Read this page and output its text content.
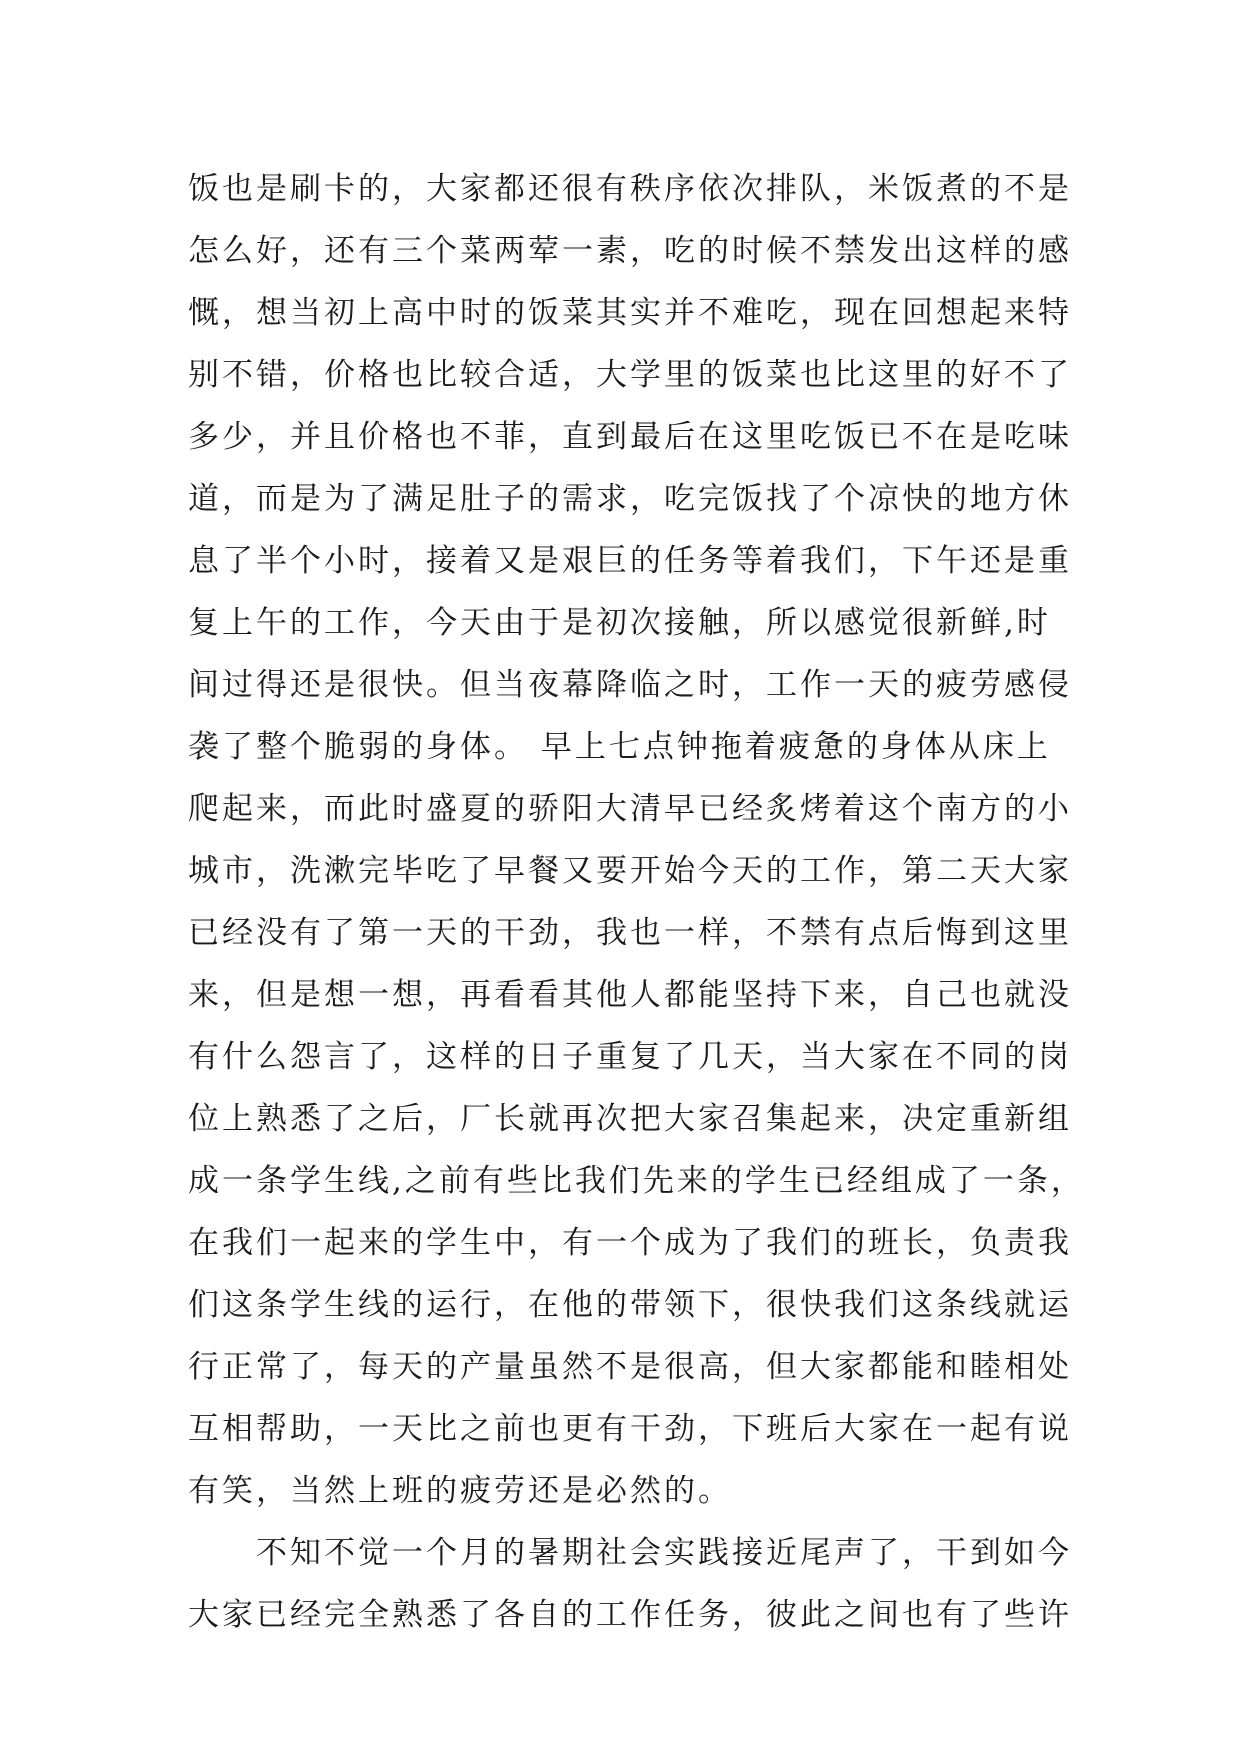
饭 也 是 刷 卡 的 ， 大 家 都 还 很 有 秩 序 依 次 排 队 ， 米 饭 煮 的 不 是
怎 么 好 ， 还 有 三 个 菜 两 荤 一 素 ， 吃 的 时 候 不 禁 发 出 这 样 的 感
慨 ， 想 当 初 上 高 中 时 的 饭 菜 其 实 并 不 难 吃 ， 现 在 回 想 起 来 特
别 不 错 ， 价 格 也 比 较 合 适 ， 大 学 里 的 饭 菜 也 比 这 里 的 好 不 了
多 少 ， 并 且 价 格 也 不 菲 ， 直 到 最 后 在 这 里 吃 饭 已 不 在 是 吃 味
道 ， 而 是 为 了 满 足 肚 子 的 需 求 ， 吃 完 饭 找 了 个 凉 快 的 地 方 休
息 了 半 个 小 时 ， 接 着 又 是 艰 巨 的 任 务 等 着 我 们 ， 下 午 还 是 重
复 上 午 的 工 作 ， 今 天 由 于 是 初 次 接 触 ， 所 以 感 觉 很 新 鲜 , 时
间 过 得 还 是 很 快 。 但 当 夜 幕 降 临 之 时 ， 工 作 一 天 的 疲 劳 感 侵
袭 了 整 个 脆 弱 的 身 体 。
早 上 七 点 钟 拖 着 疲 惫 的 身 体 从 床 上
爬 起 来 ， 而 此 时 盛 夏 的 骄 阳 大 清 早 已 经 炙 烤 着 这 个 南 方 的 小
城 市 ， 洗 漱 完 毕 吃 了 早 餐 又 要 开 始 今 天 的 工 作 ， 第 二 天 大 家
已 经 没 有 了 第 一 天 的 干 劲 ， 我 也 一 样 ， 不 禁 有 点 后 悔 到 这 里
来 ， 但 是 想 一 想 ， 再 看 看 其 他 人 都 能 坚 持 下 来 ， 自 己 也 就 没
有 什 么 怨 言 了 ， 这 样 的 日 子 重 复 了 几 天 ， 当 大 家 在 不 同 的 岗
位 上 熟 悉 了 之 后 ， 厂 长 就 再 次 把 大 家 召 集 起 来 ， 决 定 重 新 组
成 一 条 学 生 线 , 之 前 有 些 比 我 们 先 来 的 学 生 已 经 组 成 了 一 条 ，
在 我 们 一 起 来 的 学 生 中 ， 有 一 个 成 为 了 我 们 的 班 长 ， 负 责 我
们 这 条 学 生 线 的 运 行 ， 在 他 的 带 领 下 ， 很 快 我 们 这 条 线 就 运
行 正 常 了 ， 每 天 的 产 量 虽 然 不 是 很 高 ， 但 大 家 都 能 和 睦 相 处
互 相 帮 助 ， 一 天 比 之 前 也 更 有 干 劲 ， 下 班 后 大 家 在 一 起 有 说
有 笑 ， 当 然 上 班 的 疲 劳 还 是 必 然 的 。
不 知 不 觉 一 个 月 的 暑 期 社 会 实 践 接 近 尾 声 了 ， 干 到 如 今
大 家 已 经 完 全 熟 悉 了 各 自 的 工 作 任 务 ， 彼 此 之 间 也 有 了 些 许
